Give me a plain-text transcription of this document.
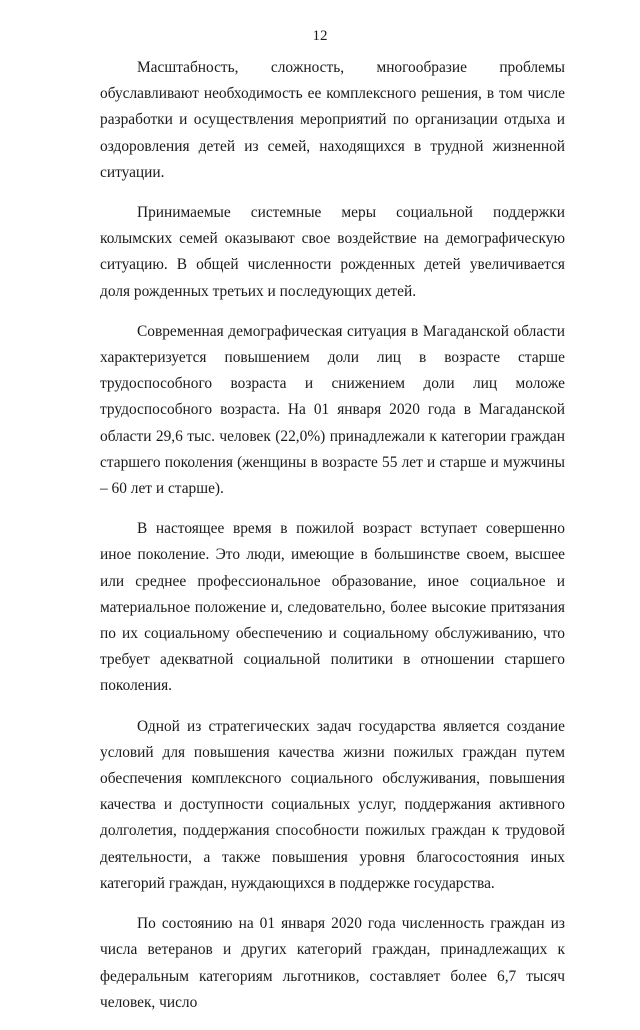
12

Масштабность, сложность, многообразие проблемы обуславливают необходимость ее комплексного решения, в том числе разработки и осуществления мероприятий по организации отдыха и оздоровления детей из семей, находящихся в трудной жизненной ситуации.

Принимаемые системные меры социальной поддержки колымских семей оказывают свое воздействие на демографическую ситуацию. В общей численности рожденных детей увеличивается доля рожденных третьих и последующих детей.

Современная демографическая ситуация в Магаданской области характеризуется повышением доли лиц в возрасте старше трудоспособного возраста и снижением доли лиц моложе трудоспособного возраста. На 01 января 2020 года в Магаданской области 29,6 тыс. человек (22,0%) принадлежали к категории граждан старшего поколения (женщины в возрасте 55 лет и старше и мужчины – 60 лет и старше).

В настоящее время в пожилой возраст вступает совершенно иное поколение. Это люди, имеющие в большинстве своем, высшее или среднее профессиональное образование, иное социальное и материальное положение и, следовательно, более высокие притязания по их социальному обеспечению и социальному обслуживанию, что требует адекватной социальной политики в отношении старшего поколения.

Одной из стратегических задач государства является создание условий для повышения качества жизни пожилых граждан путем обеспечения комплексного социального обслуживания, повышения качества и доступности социальных услуг, поддержания активного долголетия, поддержания способности пожилых граждан к трудовой деятельности, а также повышения уровня благосостояния иных категорий граждан, нуждающихся в поддержке государства.

По состоянию на 01 января 2020 года численность граждан из числа ветеранов и других категорий граждан, принадлежащих к федеральным категориям льготников, составляет более 6,7 тысяч человек, число
